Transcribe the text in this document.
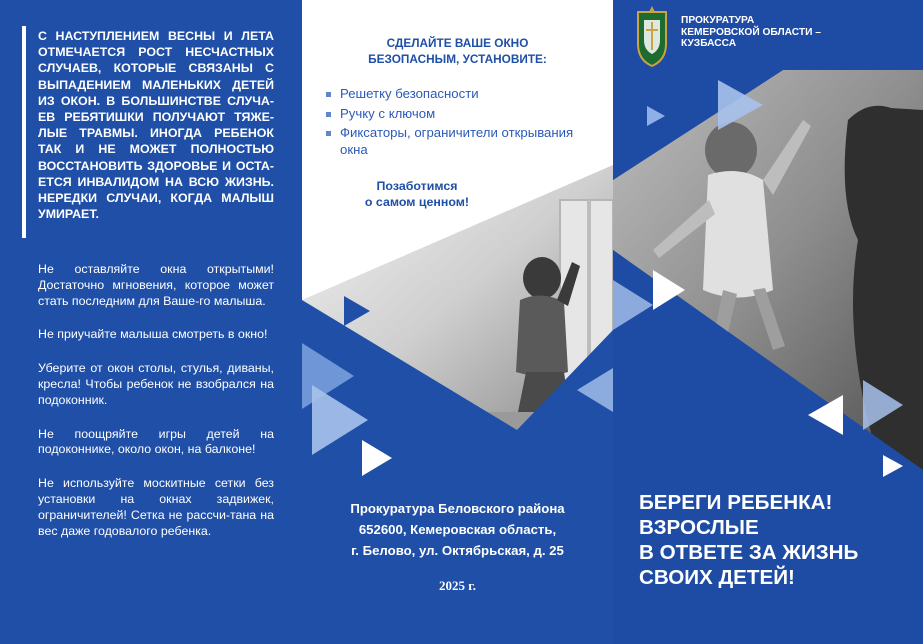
С НАСТУПЛЕНИЕМ ВЕСНЫ И ЛЕТА ОТМЕЧАЕТСЯ РОСТ НЕСЧАСТНЫХ СЛУЧАЕВ, КОТОРЫЕ СВЯЗАНЫ С ВЫПАДЕНИЕМ МАЛЕНЬКИХ ДЕТЕЙ ИЗ ОКОН. В БОЛЬШИНСТВЕ СЛУЧА-ЕВ РЕБЯТИШКИ ПОЛУЧАЮТ ТЯЖЕ-ЛЫЕ ТРАВМЫ. ИНОГДА РЕБЕНОК ТАК И НЕ МОЖЕТ ПОЛНОСТЬЮ ВОССТАНОВИТЬ ЗДОРОВЬЕ И ОСТА-ЕТСЯ ИНВАЛИДОМ НА ВСЮ ЖИЗНЬ. НЕРЕДКИ СЛУЧАИ, КОГДА МАЛЫШ УМИРАЕТ.

Не оставляйте окна открытыми! Достаточно мгновения, которое может стать последним для Ваше-го малыша.

Не приучайте малыша смотреть в окно!

Уберите от окон столы, стулья, диваны, кресла! Чтобы ребенок не взобрался на подоконник.

Не поощряйте игры детей на подоконнике, около окон, на балконе!

Не используйте москитные сетки без установки на окнах задвижек, ограничителей! Сетка не рассчи-тана на вес даже годовалого ребенка.

СДЕЛАЙТЕ ВАШЕ ОКНО
БЕЗОПАСНЫМ, УСТАНОВИТЕ:
Решетку безопасности
Ручку с ключом
Фиксаторы, ограничители открывания окна
Позаботимся
о самом ценном!
Прокуратура Беловского района
652600, Кемеровская область,
г. Белово, ул. Октябрьская, д. 25
2025 г.
ПРОКУРАТУРА
КЕМЕРОВСКОЙ ОБЛАСТИ –
КУЗБАССА
БЕРЕГИ РЕБЕНКА!
ВЗРОСЛЫЕ
В ОТВЕТЕ ЗА ЖИЗНЬ
СВОИХ ДЕТЕЙ!
